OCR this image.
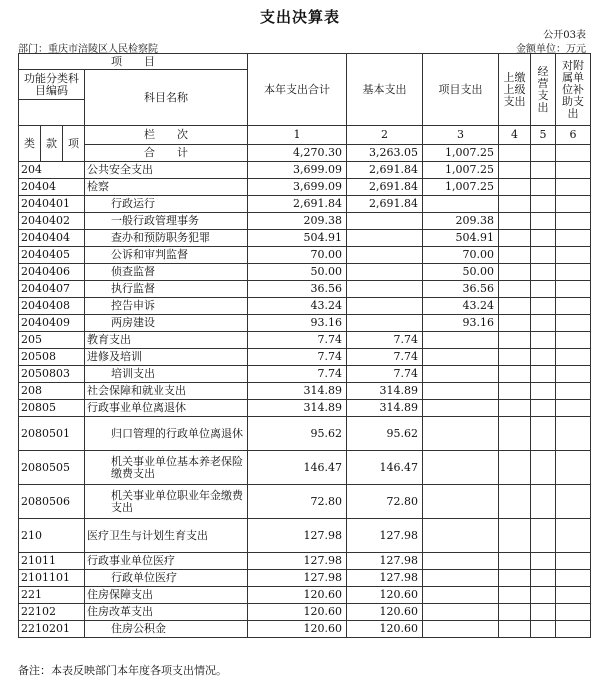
支出决算表
公开03表
部门：重庆市涪陵区人民检察院	金额单位：万元
项　　目				本年支出合计	基本支出	项目支出	上缴上级支出	经营支出	对附属单位补助支出
功能分类科目编码			科目名称						

类	款	项	栏　　次	1	2	3	4	5	6
			合　　计	4,270.30	3,263.05	1,007.25			
204			公共安全支出	3,699.09	2,691.84	1,007.25			
20404			检察	3,699.09	2,691.84	1,007.25			
2040401			行政运行	2,691.84	2,691.84				
2040402			一般行政管理事务	209.38		209.38			
2040404			查办和预防职务犯罪	504.91		504.91			
2040405			公诉和审判监督	70.00		70.00			
2040406			侦查监督	50.00		50.00			
2040407			执行监督	36.56		36.56			
2040408			控告申诉	43.24		43.24			
2040409			两房建设	93.16		93.16			
205			教育支出	7.74	7.74				
20508			进修及培训	7.74	7.74				
2050803			培训支出	7.74	7.74				
208			社会保障和就业支出	314.89	314.89				
20805			行政事业单位离退休	314.89	314.89				
2080501			归口管理的行政单位离退休	95.62	95.62				
2080505			机关事业单位基本养老保险缴费支出	146.47	146.47				
2080506			机关事业单位职业年金缴费支出	72.80	72.80				
210			医疗卫生与计划生育支出	127.98	127.98				
21011			行政事业单位医疗	127.98	127.98				
2101101			行政单位医疗	127.98	127.98				
221			住房保障支出	120.60	120.60				
22102			住房改革支出	120.60	120.60				
2210201			住房公积金	120.60	120.60				
备注：本表反映部门本年度各项支出情况。
